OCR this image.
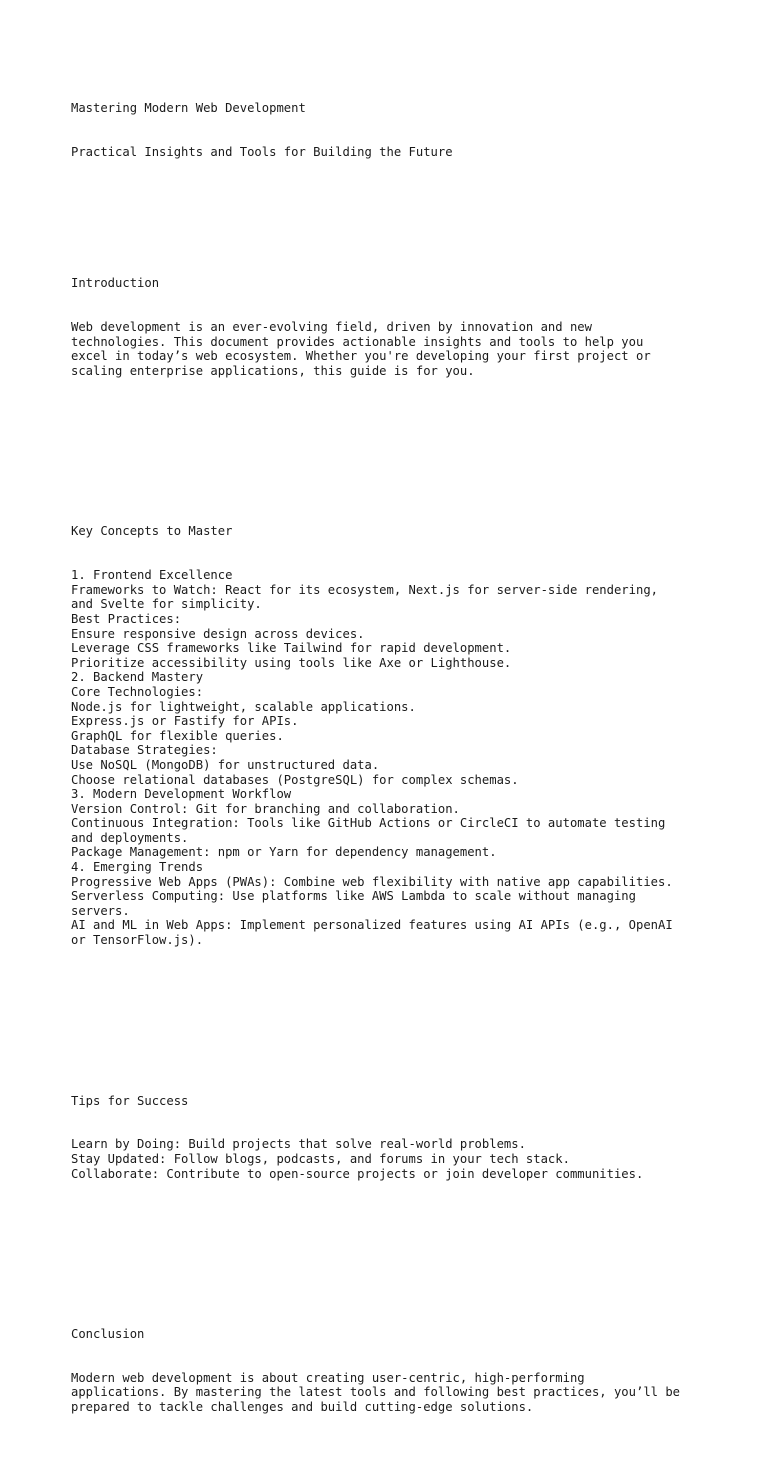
Mastering Modern Web Development

Practical Insights and Tools for Building the Future

Introduction

Web development is an ever-evolving field, driven by innovation and new
technologies. This document provides actionable insights and tools to help you
excel in today’s web ecosystem. Whether you're developing your first project or
scaling enterprise applications, this guide is for you.

Key Concepts to Master

1. Frontend Excellence
Frameworks to Watch: React for its ecosystem, Next.js for server-side rendering,
and Svelte for simplicity.
Best Practices:
Ensure responsive design across devices.
Leverage CSS frameworks like Tailwind for rapid development.
Prioritize accessibility using tools like Axe or Lighthouse.
2. Backend Mastery
Core Technologies:
Node.js for lightweight, scalable applications.
Express.js or Fastify for APIs.
GraphQL for flexible queries.
Database Strategies:
Use NoSQL (MongoDB) for unstructured data.
Choose relational databases (PostgreSQL) for complex schemas.
3. Modern Development Workflow
Version Control: Git for branching and collaboration.
Continuous Integration: Tools like GitHub Actions or CircleCI to automate testing
and deployments.
Package Management: npm or Yarn for dependency management.
4. Emerging Trends
Progressive Web Apps (PWAs): Combine web flexibility with native app capabilities.
Serverless Computing: Use platforms like AWS Lambda to scale without managing
servers.
AI and ML in Web Apps: Implement personalized features using AI APIs (e.g., OpenAI
or TensorFlow.js).

Tips for Success

Learn by Doing: Build projects that solve real-world problems.
Stay Updated: Follow blogs, podcasts, and forums in your tech stack.
Collaborate: Contribute to open-source projects or join developer communities.

Conclusion

Modern web development is about creating user-centric, high-performing
applications. By mastering the latest tools and following best practices, you’ll be
prepared to tackle challenges and build cutting-edge solutions.
